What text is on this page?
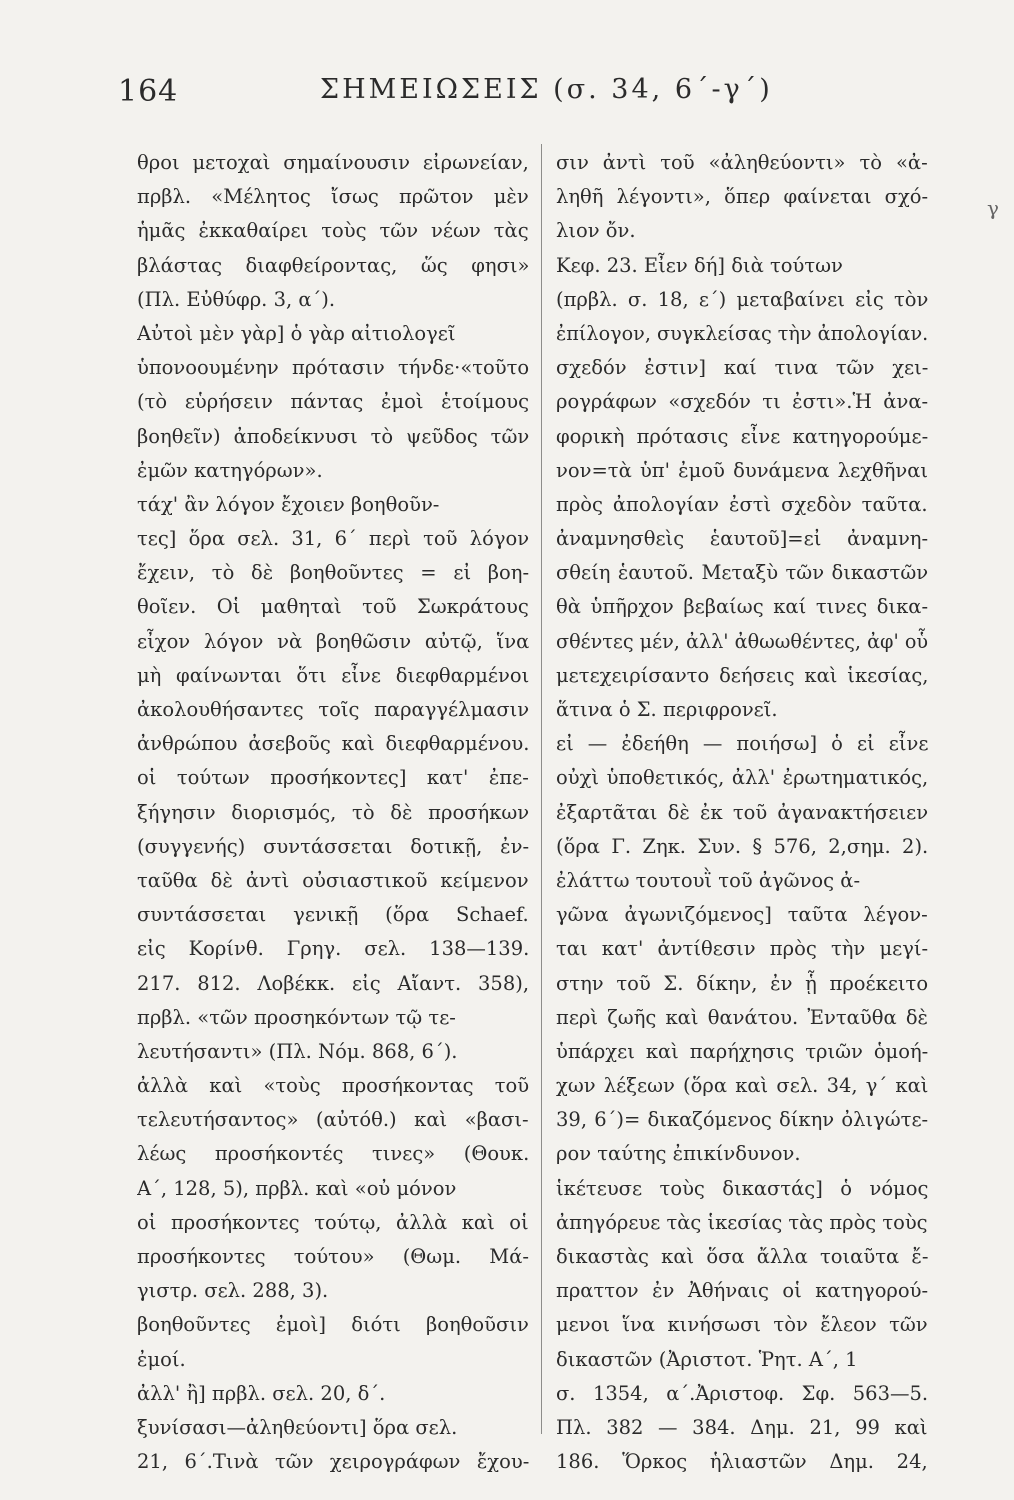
164	ΣΗΜΕΙΩΣΕΙΣ (σ. 34, 6΄-γ΄)
θροι μετοχαὶ σημαίνουσιν εἰρωνείαν,
πρβλ. «Μέλητος ἴσως πρῶτον μὲν
ἡμᾶς ἐκκαθαίρει τοὺς τῶν νέων τὰς
βλάστας διαφθείροντας, ὥς φησι»
(Πλ. Εὐθύφρ. 3, α΄).
Αὐτοὶ μὲν γὰρ] ὁ γὰρ αἰτιολογεῖ
ὑπονοουμένην πρότασιν τήνδε·«τοῦτο
(τὸ εὑρήσειν πάντας ἐμοὶ ἑτοίμους
βοηθεῖν) ἀποδείκνυσι τὸ ψεῦδος τῶν
ἐμῶν κατηγόρων».
τάχ' ἂν λόγον ἔχοιεν βοηθοῦν-
τες] ὅρα σελ. 31, 6΄ περὶ τοῦ λόγον
ἔχειν, τὸ δὲ βοηθοῦντες = εἰ βοη-
θοῖεν. Οἱ μαθηταὶ τοῦ Σωκράτους
εἶχον λόγον νὰ βοηθῶσιν αὐτῷ, ἵνα
μὴ φαίνωνται ὅτι εἶνε διεφθαρμένοι
ἀκολουθήσαντες τοῖς παραγγέλμασιν
ἀνθρώπου ἀσεβοῦς καὶ διεφθαρμένου.
οἱ τούτων προσήκοντες] κατ' ἐπε-
ξήγησιν διορισμός, τὸ δὲ προσήκων
(συγγενής) συντάσσεται δοτικῇ, ἐν-
ταῦθα δὲ ἀντὶ οὐσιαστικοῦ κείμενον
συντάσσεται γενικῇ (ὅρα Schaef.
εἰς Κορίνθ. Γρηγ. σελ. 138—139.
217. 812. Λοβέκκ. εἰς Αἴαντ. 358),
πρβλ. «τῶν προσηκόντων τῷ τε-
λευτήσαντι» (Πλ. Νόμ. 868, 6΄).
ἀλλὰ καὶ «τοὺς προσήκοντας τοῦ
τελευτήσαντος» (αὐτόθ.) καὶ «βασι-
λέως προσήκοντές τινες» (Θουκ.
Α΄, 128, 5), πρβλ. καὶ «οὐ μόνον
οἱ προσήκοντες τούτῳ, ἀλλὰ καὶ οἱ
προσήκοντες τούτου» (Θωμ. Μά-
γιστρ. σελ. 288, 3).
βοηθοῦντες ἐμοὶ] διότι βοηθοῦσιν
ἐμοί.
ἀλλ' ἢ] πρβλ. σελ. 20, δ΄.
ξυνίσασι—ἀληθεύοντι] ὅρα σελ.
21, 6΄.Τινὰ τῶν χειρογράφων ἔχου-
σιν ἀντὶ τοῦ «ἀληθεύοντι» τὸ «ἀ-
ληθῆ λέγοντι», ὅπερ φαίνεται σχό-
λιον ὄν.
Κεφ. 23. Εἶεν δή] διὰ τούτων
(πρβλ. σ. 18, ε΄) μεταβαίνει εἰς τὸν
ἐπίλογον, συγκλείσας τὴν ἀπολογίαν.
σχεδόν ἐστιν] καί τινα τῶν χει-
ρογράφων «σχεδόν τι ἐστι».Ἡ ἀνα-
φορικὴ πρότασις εἶνε κατηγορούμε-
νον=τὰ ὑπ' ἐμοῦ δυνάμενα λεχθῆναι
πρὸς ἀπολογίαν ἐστὶ σχεδὸν ταῦτα.
ἀναμνησθεὶς ἑαυτοῦ]=εἰ ἀναμνη-
σθείη ἑαυτοῦ. Μεταξὺ τῶν δικαστῶν
θὰ ὑπῆρχον βεβαίως καί τινες δικα-
σθέντες μέν, ἀλλ' ἀθωωθέντες, ἀφ' οὗ
μετεχειρίσαντο δεήσεις καὶ ἱκεσίας,
ἅτινα ὁ Σ. περιφρονεῖ.
εἰ — ἐδεήθη — ποιήσω] ὁ εἰ εἶνε
οὐχὶ ὑποθετικός, ἀλλ' ἐρωτηματικός,
ἐξαρτᾶται δὲ ἐκ τοῦ ἀγανακτήσειεν
(ὅρα Γ. Ζηκ. Συν. § 576, 2,σημ. 2).
ἐλάττω τουτουῒ τοῦ ἀγῶνος ἀ-
γῶνα ἀγωνιζόμενος] ταῦτα λέγον-
ται κατ' ἀντίθεσιν πρὸς τὴν μεγί-
στην τοῦ Σ. δίκην, ἐν ᾗ προέκειτο
περὶ ζωῆς καὶ θανάτου. Ἐνταῦθα δὲ
ὑπάρχει καὶ παρήχησις τριῶν ὁμοή-
χων λέξεων (ὅρα καὶ σελ. 34, γ΄ καὶ
39, 6΄)= δικαζόμενος δίκην ὀλιγώτε-
ρον ταύτης ἐπικίνδυνον.
ἱκέτευσε τοὺς δικαστάς] ὁ νόμος
ἀπηγόρευε τὰς ἱκεσίας τὰς πρὸς τοὺς
δικαστὰς καὶ ὅσα ἄλλα τοιαῦτα ἔ-
πραττον ἐν Ἀθήναις οἱ κατηγορού-
μενοι ἵνα κινήσωσι τὸν ἔλεον τῶν
δικαστῶν (Ἀριστοτ. Ῥητ. Α΄, 1
σ. 1354, α΄.Ἀριστοφ. Σφ. 563—5.
Πλ. 382 — 384. Δημ. 21, 99 καὶ
186. Ὅρκος ἡλιαστῶν Δημ. 24,
γ
